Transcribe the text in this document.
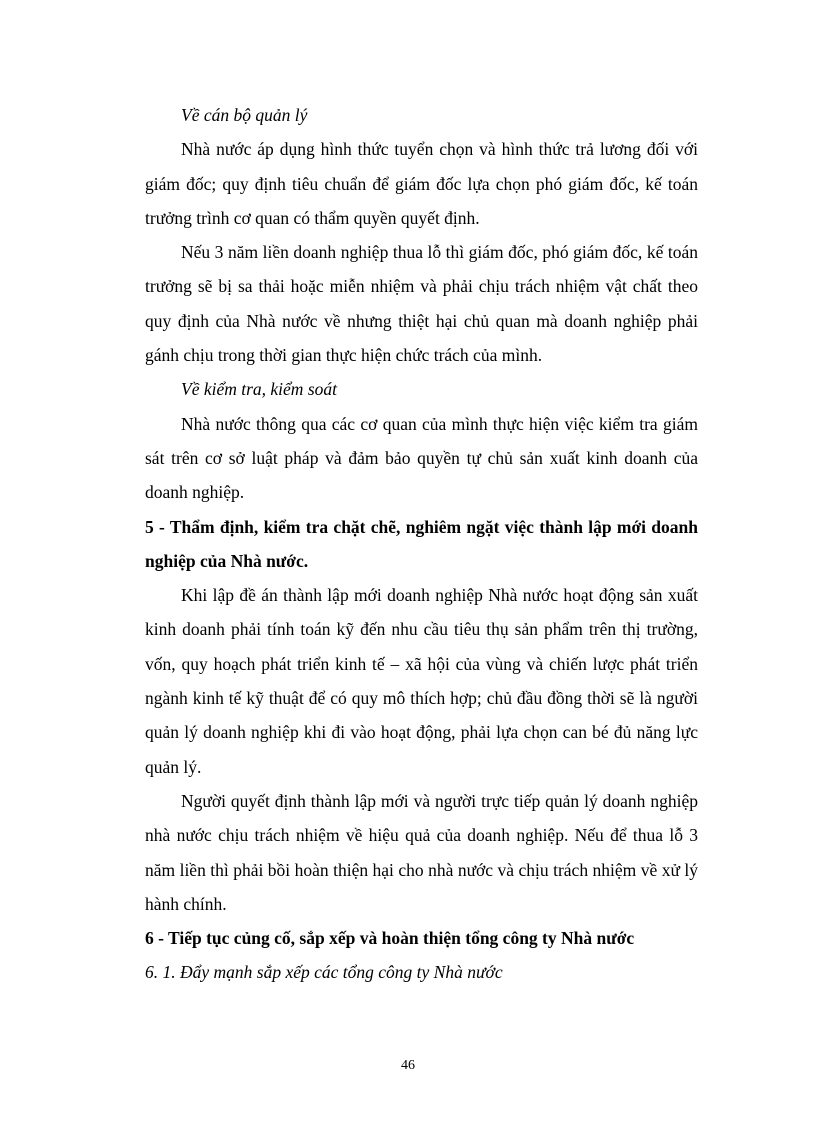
Về cán bộ quản lý

Nhà nước áp dụng hình thức tuyển chọn và hình thức trả lương đối với giám đốc; quy định tiêu chuẩn để giám đốc lựa chọn phó giám đốc, kế toán trưởng trình cơ quan có thẩm quyền quyết định.

Nếu 3 năm liền doanh nghiệp thua lỗ thì giám đốc, phó giám đốc, kế toán trưởng sẽ bị sa thải hoặc miễn nhiệm và phải chịu trách nhiệm vật chất theo quy định của Nhà nước về nhưng thiệt hại chủ quan mà doanh nghiệp phải gánh chịu trong thời gian thực hiện chức trách của mình.

Về kiểm tra, kiểm soát

Nhà nước thông qua các cơ quan của mình thực hiện việc kiểm tra giám sát trên cơ sở luật pháp và đảm bảo quyền tự chủ sản xuất kinh doanh của doanh nghiệp.

5 - Thẩm định, kiểm tra chặt chẽ, nghiêm ngặt việc thành lập mới doanh nghiệp của Nhà nước.

Khi lập đề án thành lập mới doanh nghiệp Nhà nước hoạt động sản xuất kinh doanh phải tính toán kỹ đến nhu cầu tiêu thụ sản phẩm trên thị trường, vốn, quy hoạch phát triển kinh tế – xã hội của vùng và chiến lược phát triển ngành kinh tế kỹ thuật để có quy mô thích hợp; chủ đầu đồng thời sẽ là người quản lý doanh nghiệp khi đi vào hoạt động, phải lựa chọn can bé đủ năng lực quản lý.

Người quyết định thành lập mới và người trực tiếp quản lý doanh nghiệp nhà nước chịu trách nhiệm về hiệu quả của doanh nghiệp. Nếu để thua lỗ 3 năm liền thì phải bồi hoàn thiện hại cho nhà nước và chịu trách nhiệm về xử lý hành chính.

6 - Tiếp tục củng cố, sắp xếp và hoàn thiện tổng công ty Nhà nước

6. 1. Đẩy mạnh sắp xếp các tổng công ty Nhà nước

46
